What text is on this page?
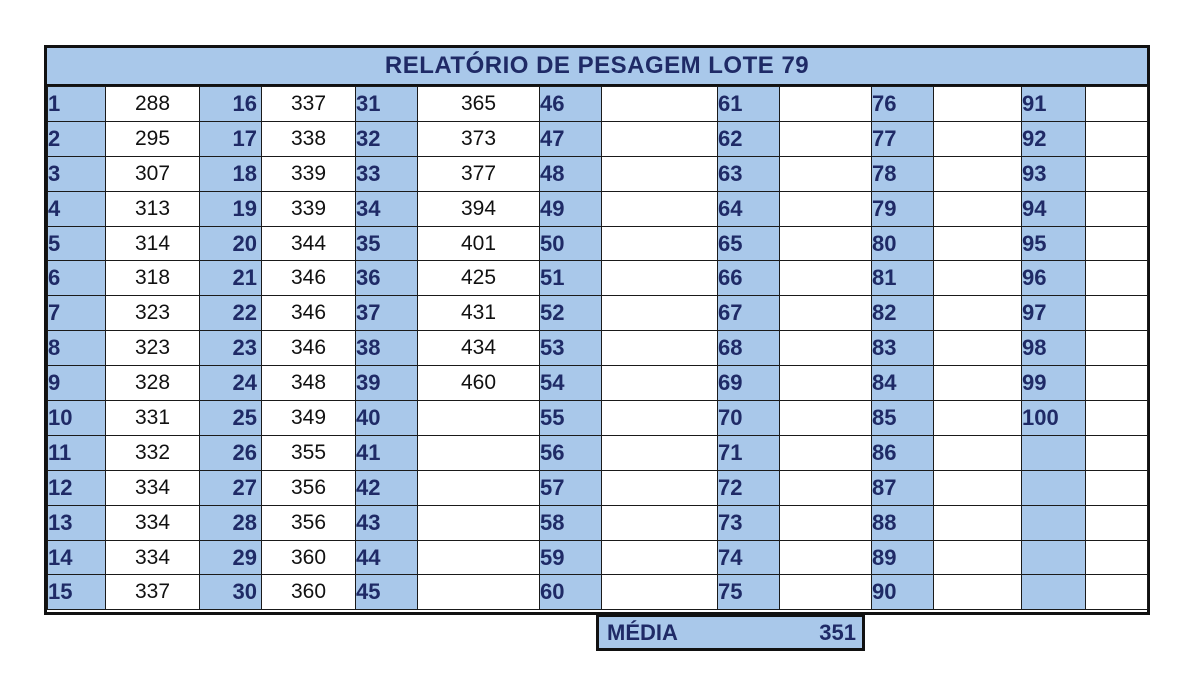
RELATÓRIO DE PESAGEM LOTE 79
1	288	16	337	31	365	46		61		76		91	
2	295	17	338	32	373	47		62		77		92	
3	307	18	339	33	377	48		63		78		93	
4	313	19	339	34	394	49		64		79		94	
5	314	20	344	35	401	50		65		80		95	
6	318	21	346	36	425	51		66		81		96	
7	323	22	346	37	431	52		67		82		97	
8	323	23	346	38	434	53		68		83		98	
9	328	24	348	39	460	54		69		84		99	
10	331	25	349	40		55		70		85		100	
11	332	26	355	41		56		71		86			
12	334	27	356	42		57		72		87			
13	334	28	356	43		58		73		88			
14	334	29	360	44		59		74		89			
15	337	30	360	45		60		75		90			
MÉDIA	351
